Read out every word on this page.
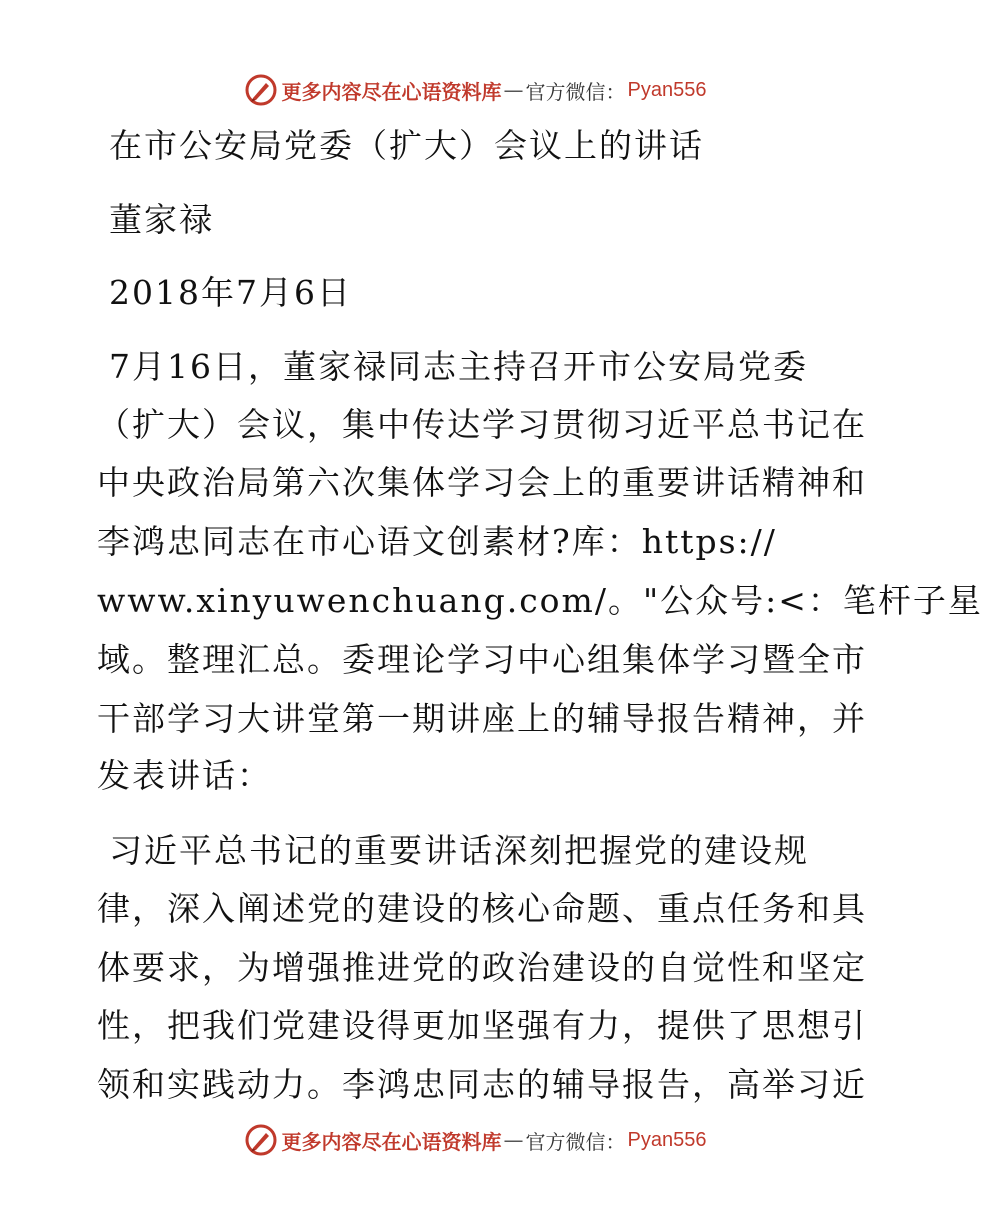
更多内容尽在心语资料库 — 官方微信： Pyan556
在市公安局党委（扩大）会议上的讲话
董家禄
2018年7月6日
7月16日，董家禄同志主持召开市公安局党委
（扩大）会议，集中传达学习贯彻习近平总书记在
中央政治局第六次集体学习会上的重要讲话精神和
李鸿忠同志在市心语文创素材?库：https://
www.xinyuwenchuang.com/。"公众号:<：笔杆子星
域。整理汇总。委理论学习中心组集体学习暨全市
干部学习大讲堂第一期讲座上的辅导报告精神，并
发表讲话：
习近平总书记的重要讲话深刻把握党的建设规
律，深入阐述党的建设的核心命题、重点任务和具
体要求，为增强推进党的政治建设的自觉性和坚定
性，把我们党建设得更加坚强有力，提供了思想引
领和实践动力。李鸿忠同志的辅导报告，高举习近
更多内容尽在心语资料库 — 官方微信： Pyan556
